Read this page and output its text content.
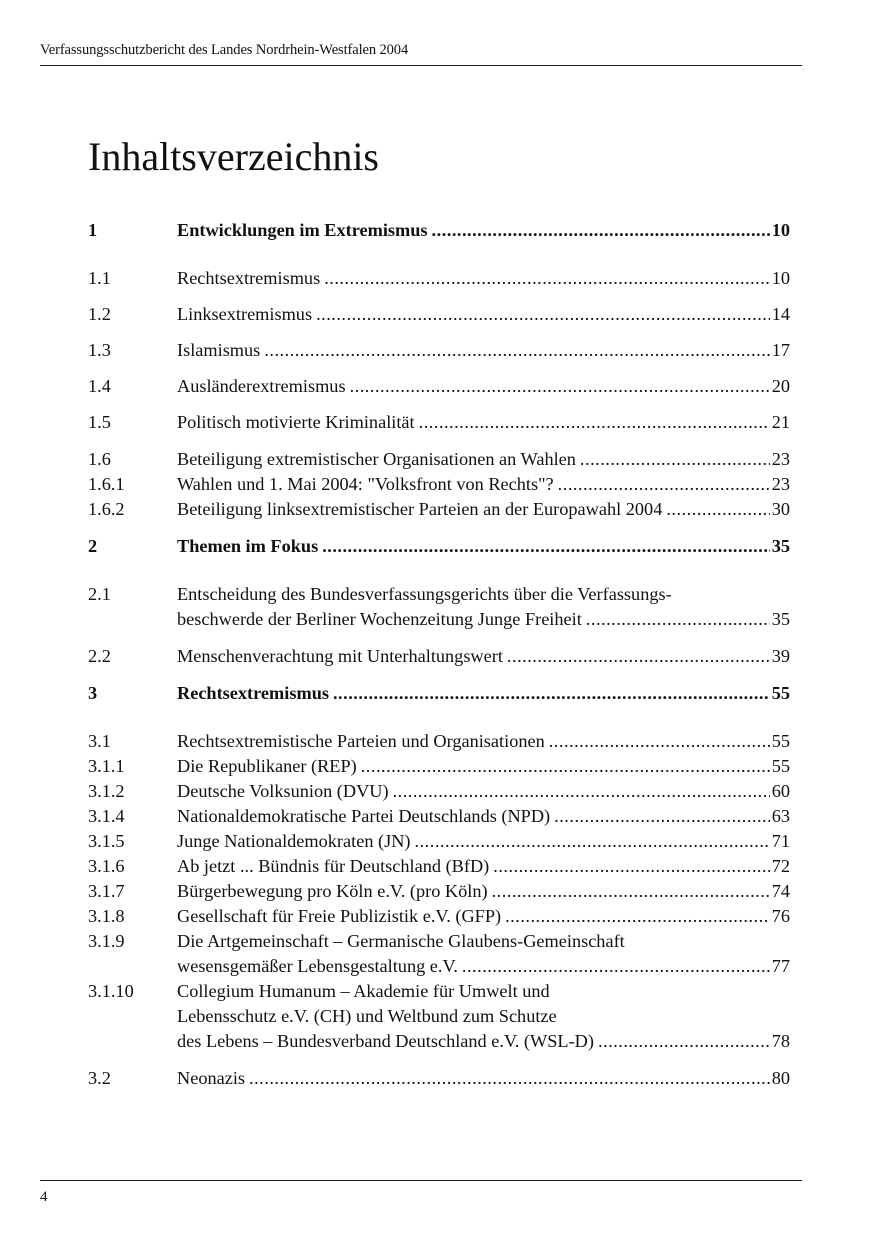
Verfassungsschutzbericht des Landes Nordrhein-Westfalen 2004
Inhaltsverzeichnis
1	Entwicklungen im Extremismus .....	10
1.1	Rechtsextremismus .....	10
1.2	Linksextremismus .....	14
1.3	Islamismus .....	17
1.4	Ausländerextremismus .....	20
1.5	Politisch motivierte Kriminalität .....	21
1.6	Beteiligung extremistischer Organisationen an Wahlen .....	23
1.6.1	Wahlen und 1. Mai 2004: "Volksfront von Rechts"? .....	23
1.6.2	Beteiligung linksextremistischer Parteien an der Europawahl 2004 .....	30
2	Themen im Fokus .....	35
2.1	Entscheidung des Bundesverfassungsgerichts über die Verfassungs-
beschwerde der Berliner Wochenzeitung Junge Freiheit .....	35
2.2	Menschenverachtung mit Unterhaltungswert .....	39
3	Rechtsextremismus .....	55
3.1	Rechtsextremistische Parteien und Organisationen .....	55
3.1.1	Die Republikaner (REP) .....	55
3.1.2	Deutsche Volksunion (DVU) .....	60
3.1.4	Nationaldemokratische Partei Deutschlands (NPD) .....	63
3.1.5	Junge Nationaldemokraten (JN) .....	71
3.1.6	Ab jetzt ... Bündnis für Deutschland (BfD) .....	72
3.1.7	Bürgerbewegung pro Köln e.V. (pro Köln) .....	74
3.1.8	Gesellschaft für Freie Publizistik e.V. (GFP) .....	76
3.1.9	Die Artgemeinschaft – Germanische Glaubens-Gemeinschaft
wesensgemäßer Lebensgestaltung e.V. .....	77
3.1.10	Collegium Humanum – Akademie für Umwelt und
Lebensschutz e.V. (CH) und Weltbund zum Schutze
des Lebens – Bundesverband Deutschland e.V. (WSL-D) .....	78
3.2	Neonazis .....	80
4
